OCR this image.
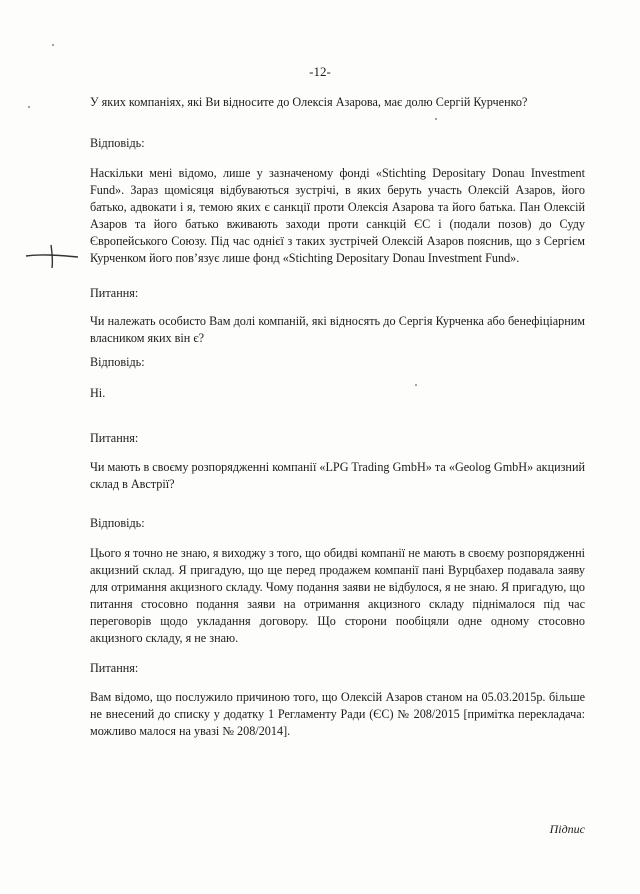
-12-

У яких компаніях, які Ви відносите до Олексія Азарова, має долю Сергій Курченко?

Відповідь:

Наскільки мені відомо, лише у зазначеному фонді «Stichting Depositary Donau Investment Fund». Зараз щомісяця відбуваються зустрічі, в яких беруть участь Олексій Азаров, його батько, адвокати і я, темою яких є санкції проти Олексія Азарова та його батька. Пан Олексій Азаров та його батько вживають заходи проти санкцій ЄС і (подали позов) до Суду Європейського Союзу. Під час однієї з таких зустрічей Олексій Азаров пояснив, що з Сергієм Курченком його пов’язує лише фонд «Stichting Depositary Donau Investment Fund».

Питання:

Чи належать особисто Вам долі компаній, які відносять до Сергія Курченка або бенефіціарним власником яких він є?

Відповідь:
Ні.
Питання:

Чи мають в своєму розпорядженні компанії «LPG Trading GmbH» та «Geolog GmbH» акцизний склад в Австрії?

Відповідь:

Цього я точно не знаю, я виходжу з того, що обидві компанії не мають в своєму розпорядженні акцизний склад. Я пригадую, що ще перед продажем компанії пані Вурцбахер подавала заяву для отримання акцизного складу. Чому подання заяви не відбулося, я не знаю. Я пригадую, що питання стосовно подання заяви на отримання акцизного складу піднімалося під час переговорів щодо укладання договору. Що сторони пообіцяли одне одному стосовно акцизного складу, я не знаю.

Питання:

Вам відомо, що послужило причиною того, що Олексій Азаров станом на 05.03.2015р. більше не внесений до списку у додатку 1 Регламенту Ради (ЄС) № 208/2015 [примітка перекладача: можливо малося на увазі № 208/2014].

Підпис
